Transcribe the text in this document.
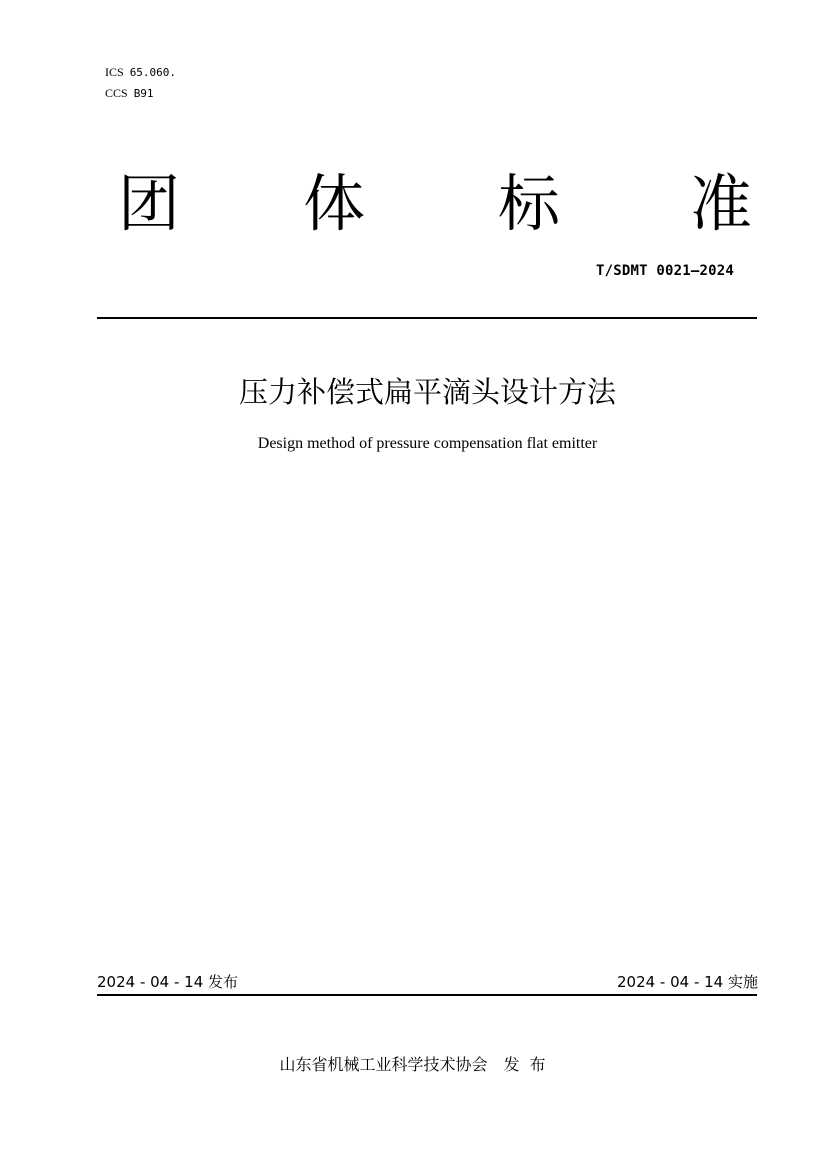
ICS 65.060.
CCS B91
团 体 标 准
T/SDMT 0021—2024
压力补偿式扁平滴头设计方法
Design method of pressure compensation flat emitter
2024 - 04 - 14 发布	2024 - 04 - 14 实施
山东省机械工业科学技术协会 发布
